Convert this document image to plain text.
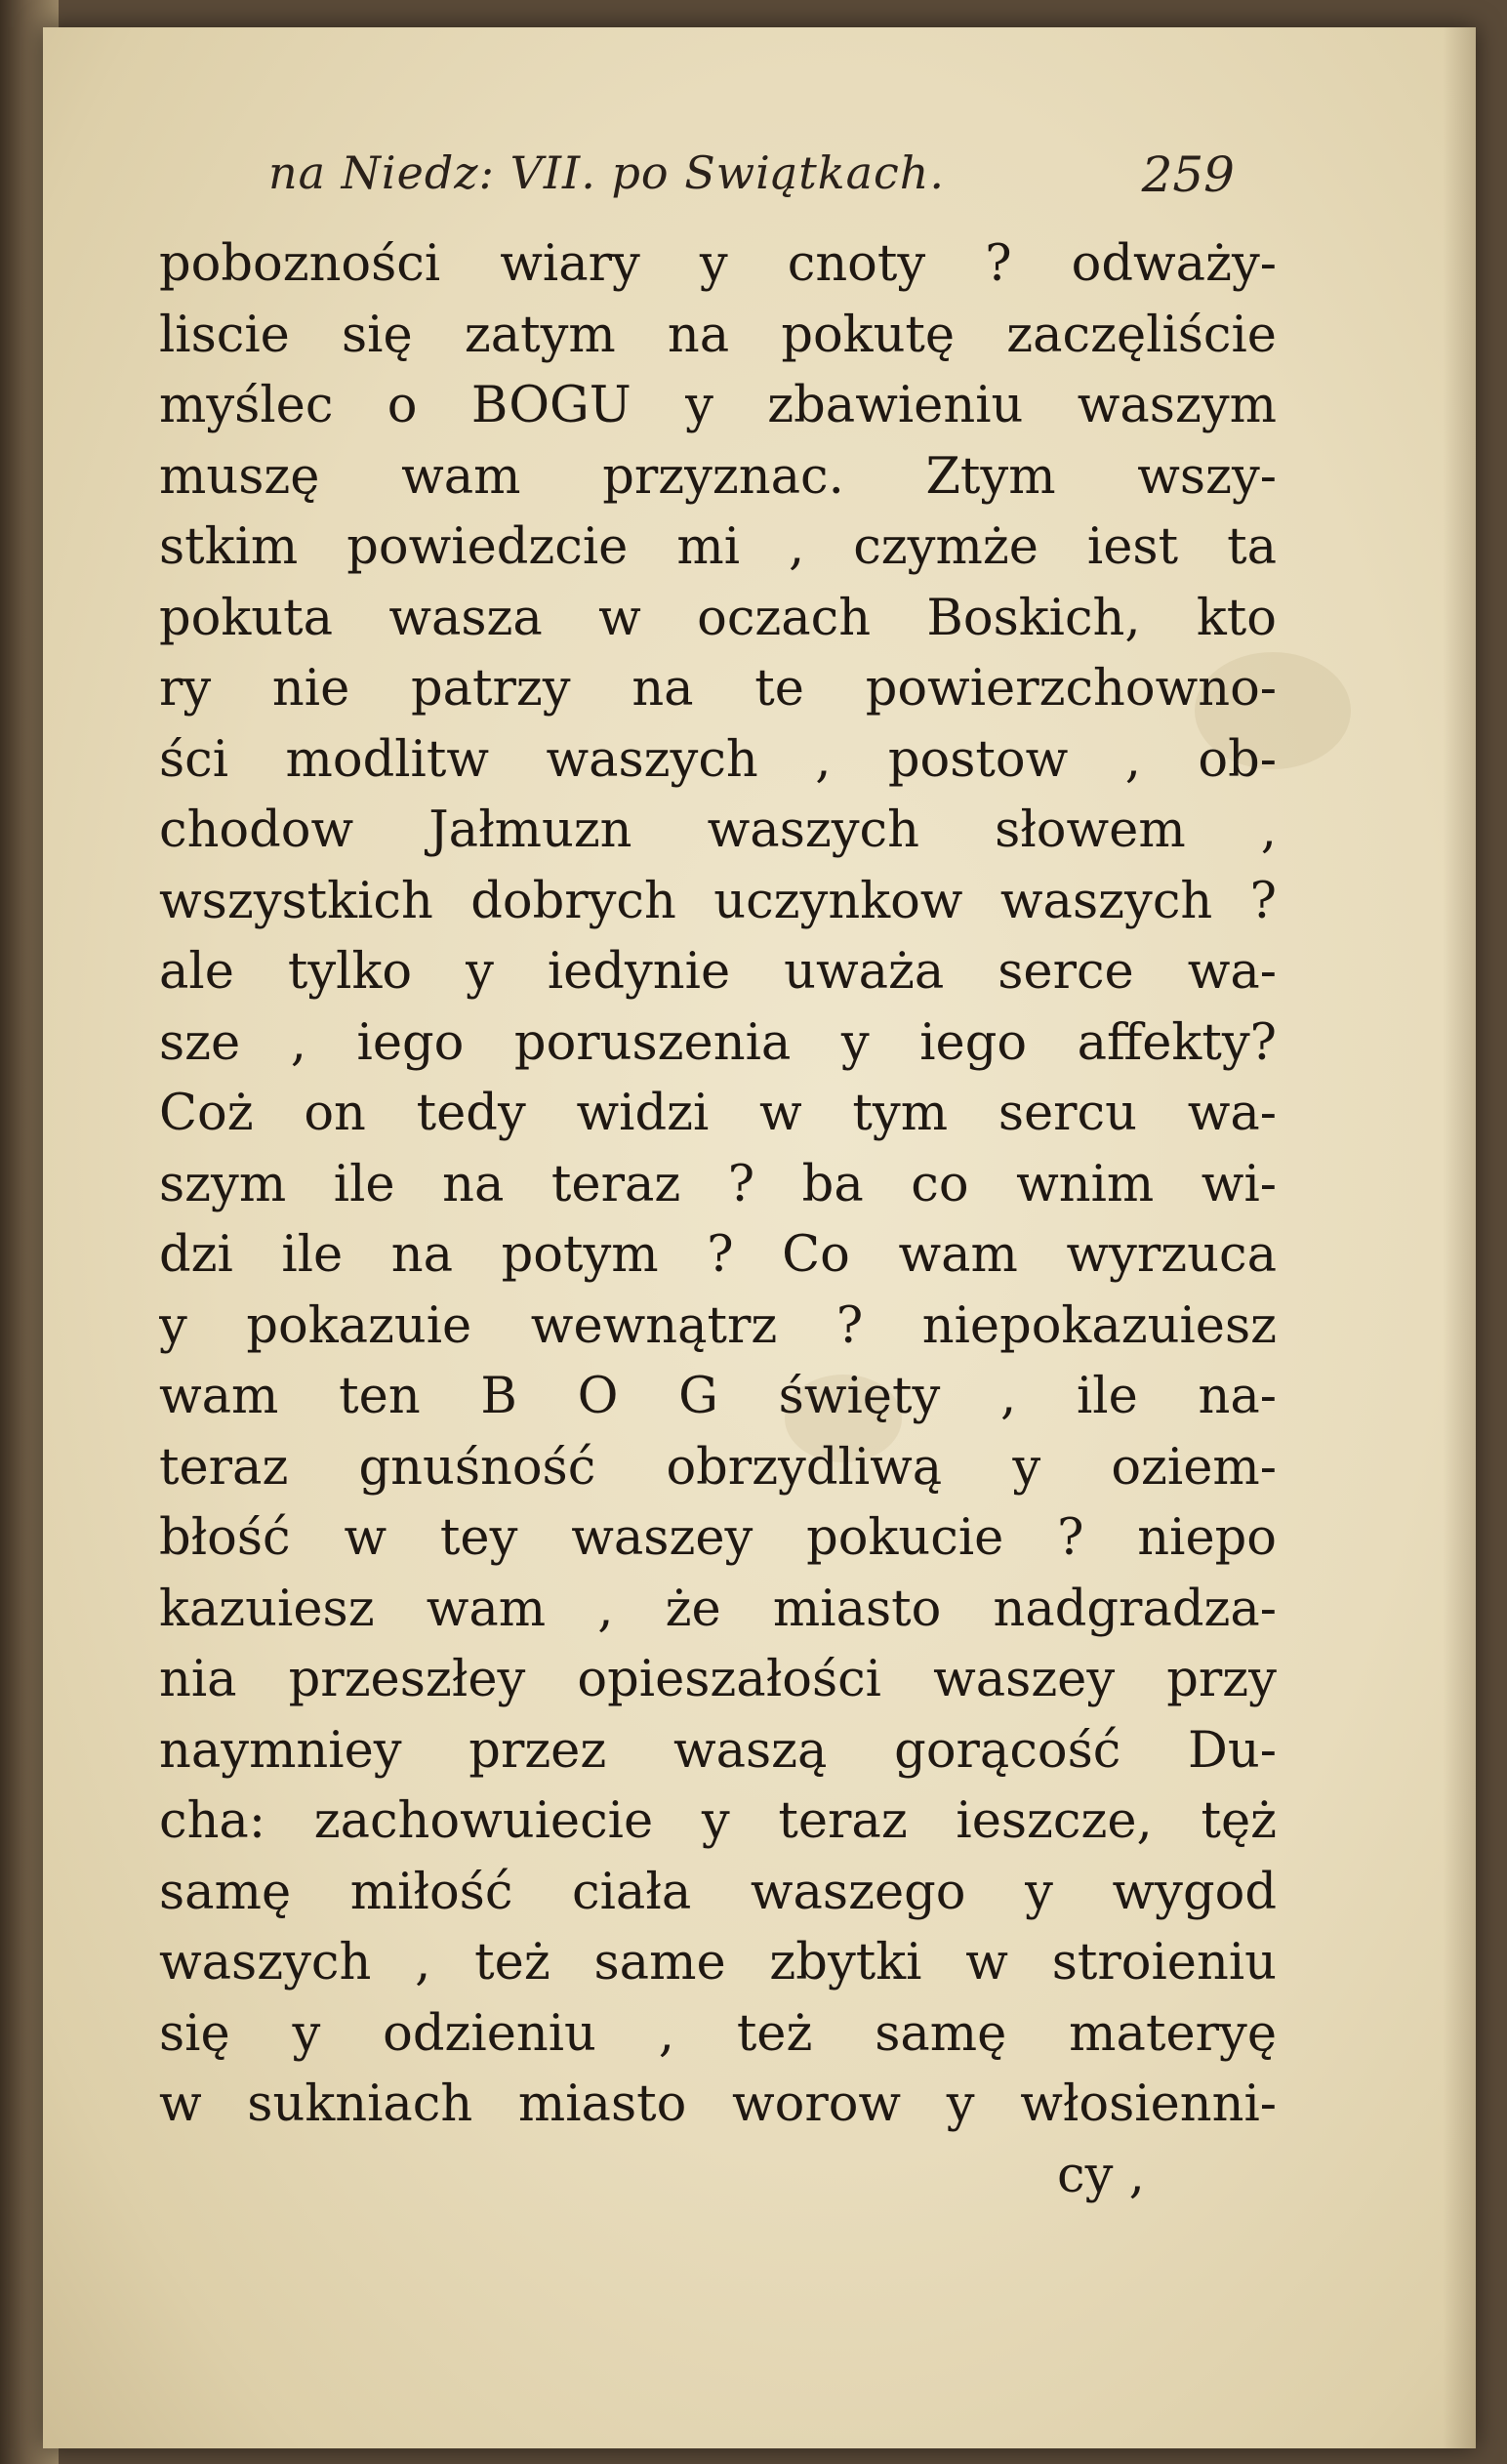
na Niedz: VII. po Swiątkach.	259
pobozności wiary y cnoty ? odważy-
liscie się zatym na pokutę zaczęliście
myślec o BOGU y zbawieniu waszym
muszę wam przyznac. Ztym wszy-
stkim powiedzcie mi , czymże iest ta
pokuta wasza w oczach Boskich, kto
ry nie patrzy na te powierzchowno-
ści modlitw waszych , postow , ob-
chodow Jałmuzn waszych słowem ,
wszystkich dobrych uczynkow waszych ?
ale tylko y iedynie uważa serce wa-
sze , iego poruszenia y iego affekty?
Coż on tedy widzi w tym sercu wa-
szym ile na teraz ? ba co wnim wi-
dzi ile na potym ? Co wam wyrzuca
y pokazuie wewnątrz ? niepokazuiesz
wam ten B O G święty , ile na-
teraz gnuśność obrzydliwą y oziem-
błość w tey waszey pokucie ? niepo
kazuiesz wam , że miasto nadgradza-
nia przeszłey opieszałości waszey przy
naymniey przez waszą gorącość Du-
cha: zachowuiecie y teraz ieszcze, tęż
samę miłość ciała waszego y wygod
waszych , też same zbytki w stroieniu
się y odzieniu , też samę materyę
w sukniach miasto worow y włosienni-
cy ,
